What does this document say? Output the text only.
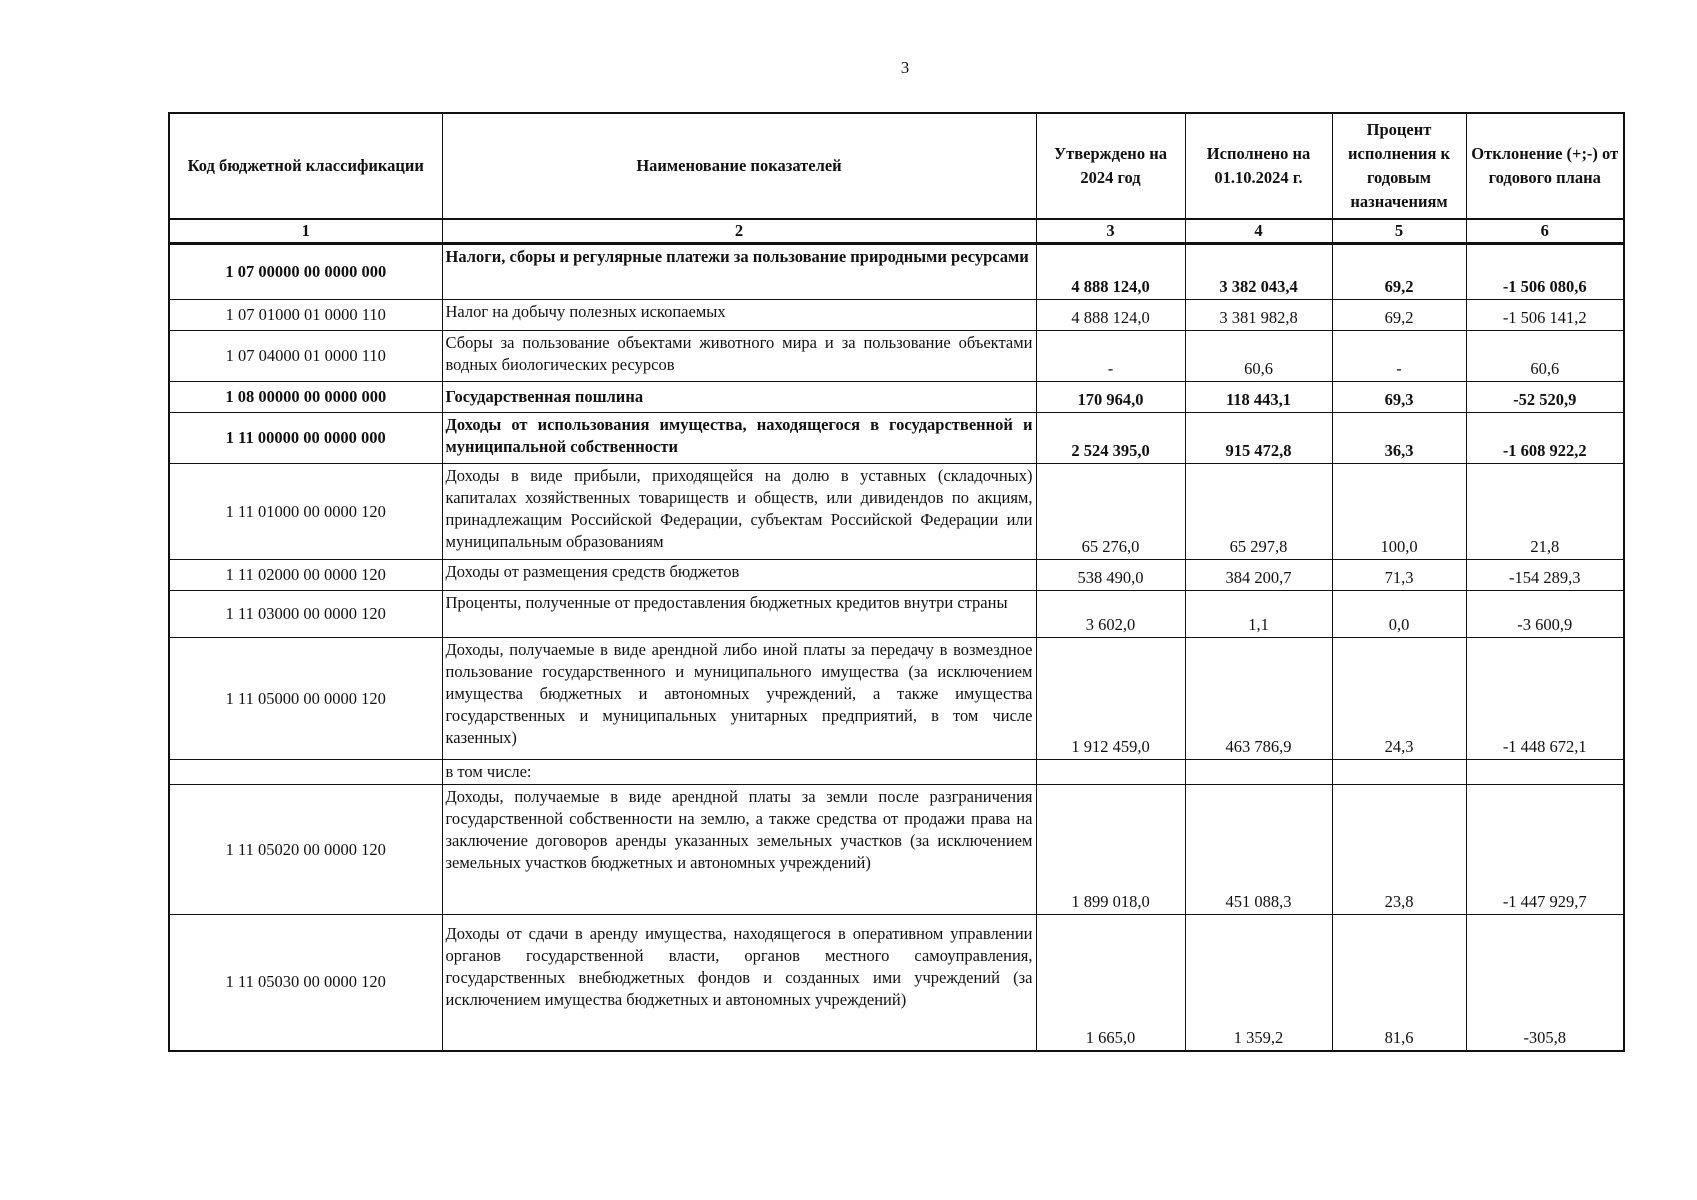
3
Код бюджетной классификации	Наименование показателей	Утверждено на 2024 год	Исполнено на 01.10.2024 г.	Процент исполнения к годовым назначениям	Отклонение (+;-) от годового плана
1	2	3	4	5	6
1 07 00000 00 0000 000	Налоги, сборы и регулярные платежи за пользование природными ресурсами	4 888 124,0	3 382 043,4	69,2	-1 506 080,6
1 07 01000 01 0000 110	Налог на добычу полезных ископаемых	4 888 124,0	3 381 982,8	69,2	-1 506 141,2
1 07 04000 01 0000 110	Сборы за пользование объектами животного мира и за пользование объектами водных биологических ресурсов	-	60,6	-	60,6
1 08 00000 00 0000 000	Государственная пошлина	170 964,0	118 443,1	69,3	-52 520,9
1 11 00000 00 0000 000	Доходы от использования имущества, находящегося в государственной и муниципальной собственности	2 524 395,0	915 472,8	36,3	-1 608 922,2
1 11 01000 00 0000 120	Доходы в виде прибыли, приходящейся на долю в уставных (складочных) капиталах хозяйственных товариществ и обществ, или дивидендов по акциям, принадлежащим Российской Федерации, субъектам Российской Федерации или муниципальным образованиям	65 276,0	65 297,8	100,0	21,8
1 11 02000 00 0000 120	Доходы от размещения средств бюджетов	538 490,0	384 200,7	71,3	-154 289,3
1 11 03000 00 0000 120	Проценты, полученные от предоставления бюджетных кредитов внутри страны	3 602,0	1,1	0,0	-3 600,9
1 11 05000 00 0000 120	Доходы, получаемые в виде арендной либо иной платы за передачу в возмездное пользование государственного и муниципального имущества (за исключением имущества бюджетных и автономных учреждений, а также имущества государственных и муниципальных унитарных предприятий, в том числе казенных)	1 912 459,0	463 786,9	24,3	-1 448 672,1
	в том числе:				
1 11 05020 00 0000 120	Доходы, получаемые в виде арендной платы за земли после разграничения государственной собственности на землю, а также средства от продажи права на заключение договоров аренды указанных земельных участков (за исключением земельных участков бюджетных и автономных учреждений)	1 899 018,0	451 088,3	23,8	-1 447 929,7
1 11 05030 00 0000 120	Доходы от сдачи в аренду имущества, находящегося в оперативном управлении органов государственной власти, органов местного самоуправления, государственных внебюджетных фондов и созданных ими учреждений (за исключением имущества бюджетных и автономных учреждений)	1 665,0	1 359,2	81,6	-305,8
